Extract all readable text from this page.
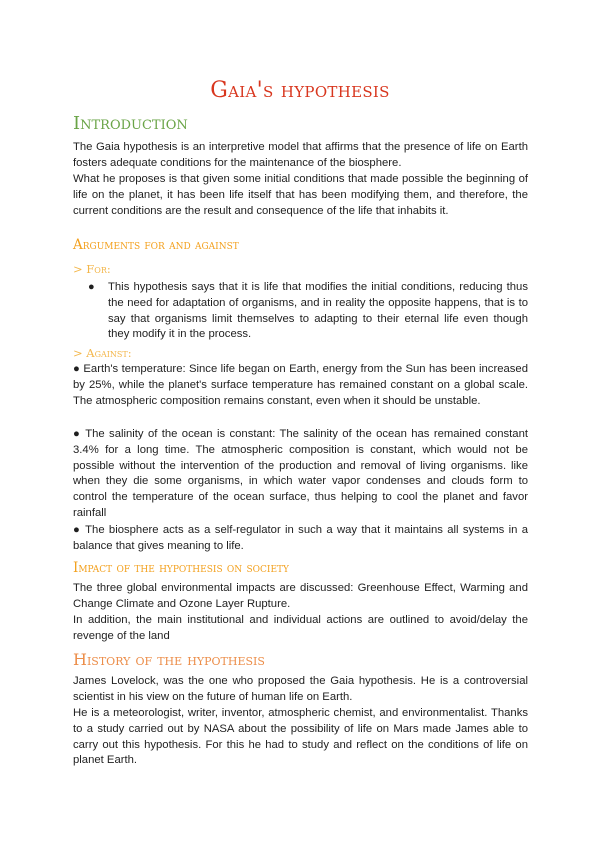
Gaia's hypothesis
Introduction

The Gaia hypothesis is an interpretive model that affirms that the presence of life on Earth fosters adequate conditions for the maintenance of the biosphere.

What he proposes is that given some initial conditions that made possible the beginning of life on the planet, it has been life itself that has been modifying them, and therefore, the current conditions are the result and consequence of the life that inhabits it.

Arguments for and against
> For:
● This hypothesis says that it is life that modifies the initial conditions, reducing thus the need for adaptation of organisms, and in reality the opposite happens, that is to say that organisms limit themselves to adapting to their eternal life even though they modify it in the process.

> Against:

● Earth's temperature: Since life began on Earth, energy from the Sun has been increased by 25%, while the planet's surface temperature has remained constant on a global scale. The atmospheric composition remains constant, even when it should be unstable.

● The salinity of the ocean is constant: The salinity of the ocean has remained constant 3.4% for a long time. The atmospheric composition is constant, which would not be possible without the intervention of the production and removal of living organisms. like when they die some organisms, in which water vapor condenses and clouds form to control the temperature of the ocean surface, thus helping to cool the planet and favor rainfall

● The biosphere acts as a self-regulator in such a way that it maintains all systems in a balance that gives meaning to life.

Impact of the hypothesis on society

The three global environmental impacts are discussed: Greenhouse Effect, Warming and Change Climate and Ozone Layer Rupture.

In addition, the main institutional and individual actions are outlined to avoid/delay the revenge of the land

History of the hypothesis

James Lovelock, was the one who proposed the Gaia hypothesis. He is a controversial scientist in his view on the future of human life on Earth.

He is a meteorologist, writer, inventor, atmospheric chemist, and environmentalist. Thanks to a study carried out by NASA about the possibility of life on Mars made James able to carry out this hypothesis. For this he had to study and reflect on the conditions of life on planet Earth.
